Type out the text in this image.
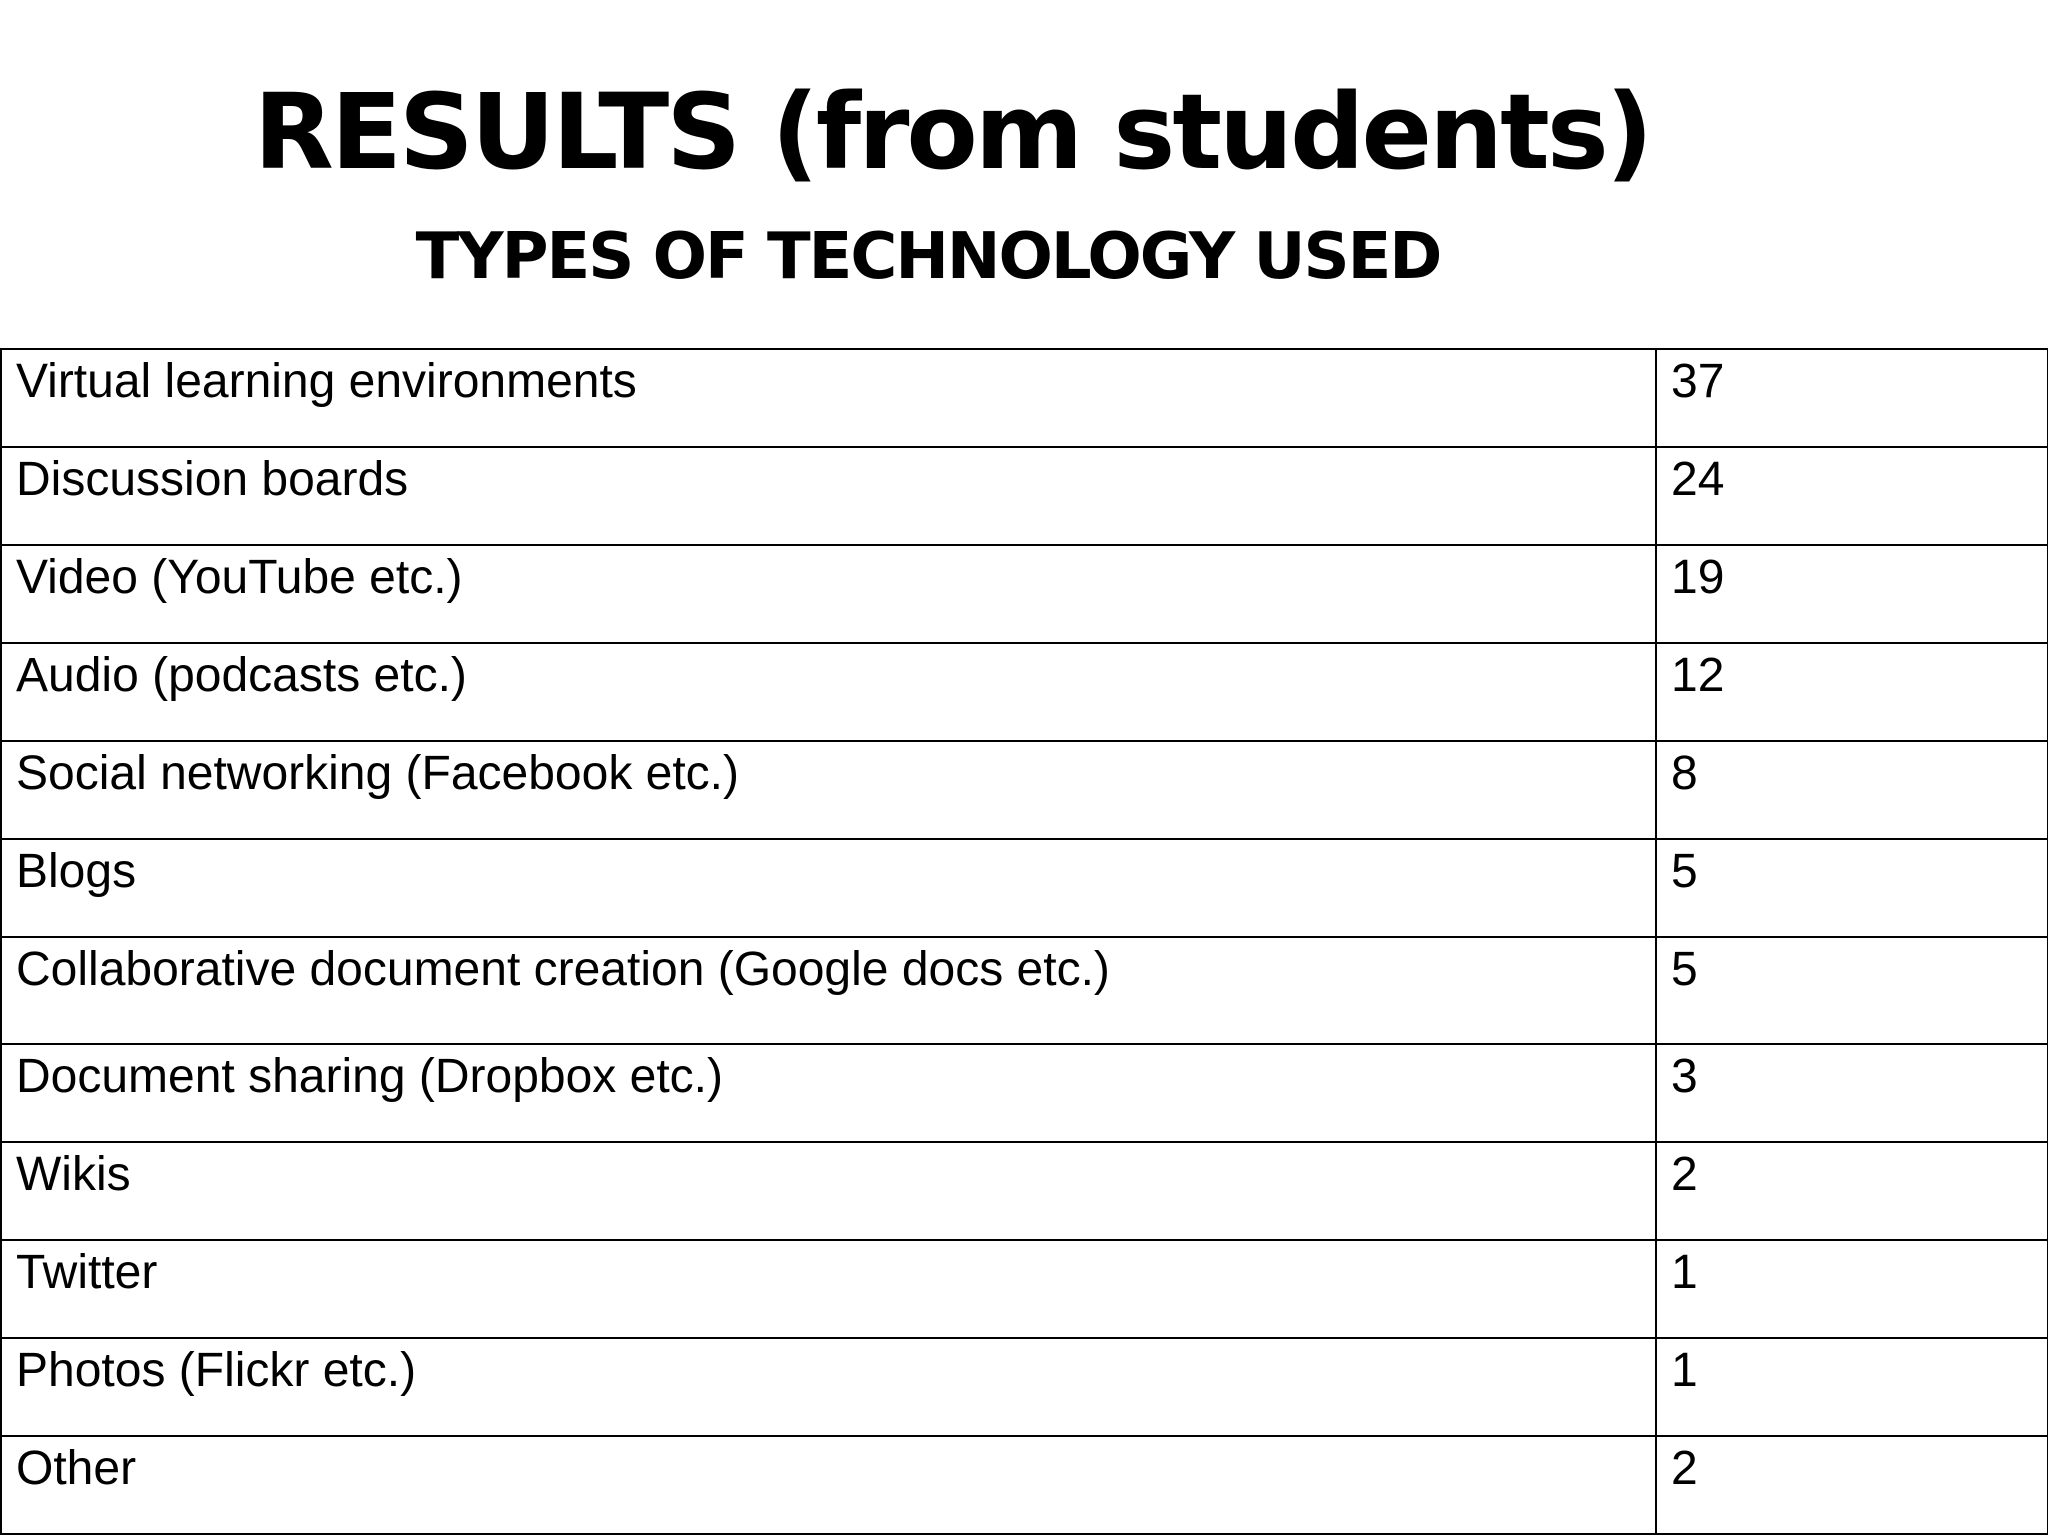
RESULTS (from students)
TYPES OF TECHNOLOGY USED
Virtual learning environments	37
Discussion boards	24
Video (YouTube etc.)	19
Audio (podcasts etc.)	12
Social networking (Facebook etc.)	8
Blogs	5
Collaborative document creation (Google docs etc.)	5
Document sharing (Dropbox etc.)	3
Wikis	2
Twitter	1
Photos (Flickr etc.)	1
Other	2
